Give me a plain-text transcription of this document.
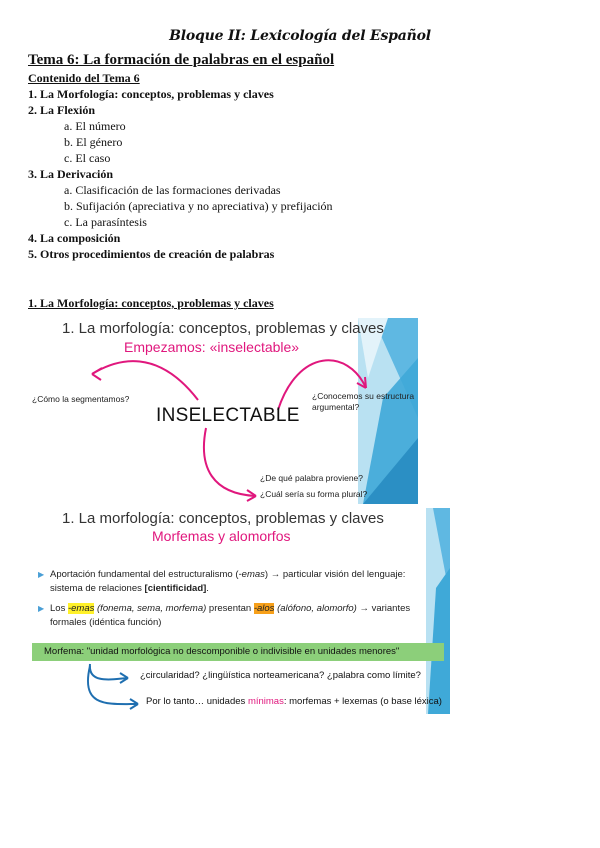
Bloque II: Lexicología del Español
Tema 6: La formación de palabras en el español
Contenido del Tema 6
1. La Morfología: conceptos, problemas y claves
2. La Flexión
a. El número
b. El género
c. El caso
3. La Derivación
a. Clasificación de las formaciones derivadas
b. Sufijación (apreciativa y no apreciativa) y prefijación
c. La parasíntesis
4. La composición
5. Otros procedimientos de creación de palabras
1. La Morfología: conceptos, problemas y claves
1. La morfología: conceptos, problemas y claves
Empezamos: «inselectable»
¿Cómo la segmentamos?	¿Conocemos su estructura
argumental?
INSELECTABLE
¿De qué palabra proviene?
¿Cuál sería su forma plural?
1. La morfología: conceptos, problemas y claves
Morfemas y alomorfos
▶ Aportación fundamental del estructuralismo (-emas) → particular visión del lenguaje: sistema de relaciones [cientificidad].
▶ Los -emas (fonema, sema, morfema) presentan -alos (alófono, alomorfo) → variantes formales (idéntica función)
Morfema: "unidad morfológica no descomponible o indivisible en unidades menores"
¿circularidad? ¿lingüística norteamericana? ¿palabra como límite?
Por lo tanto… unidades mínimas: morfemas + lexemas (o base léxica)
